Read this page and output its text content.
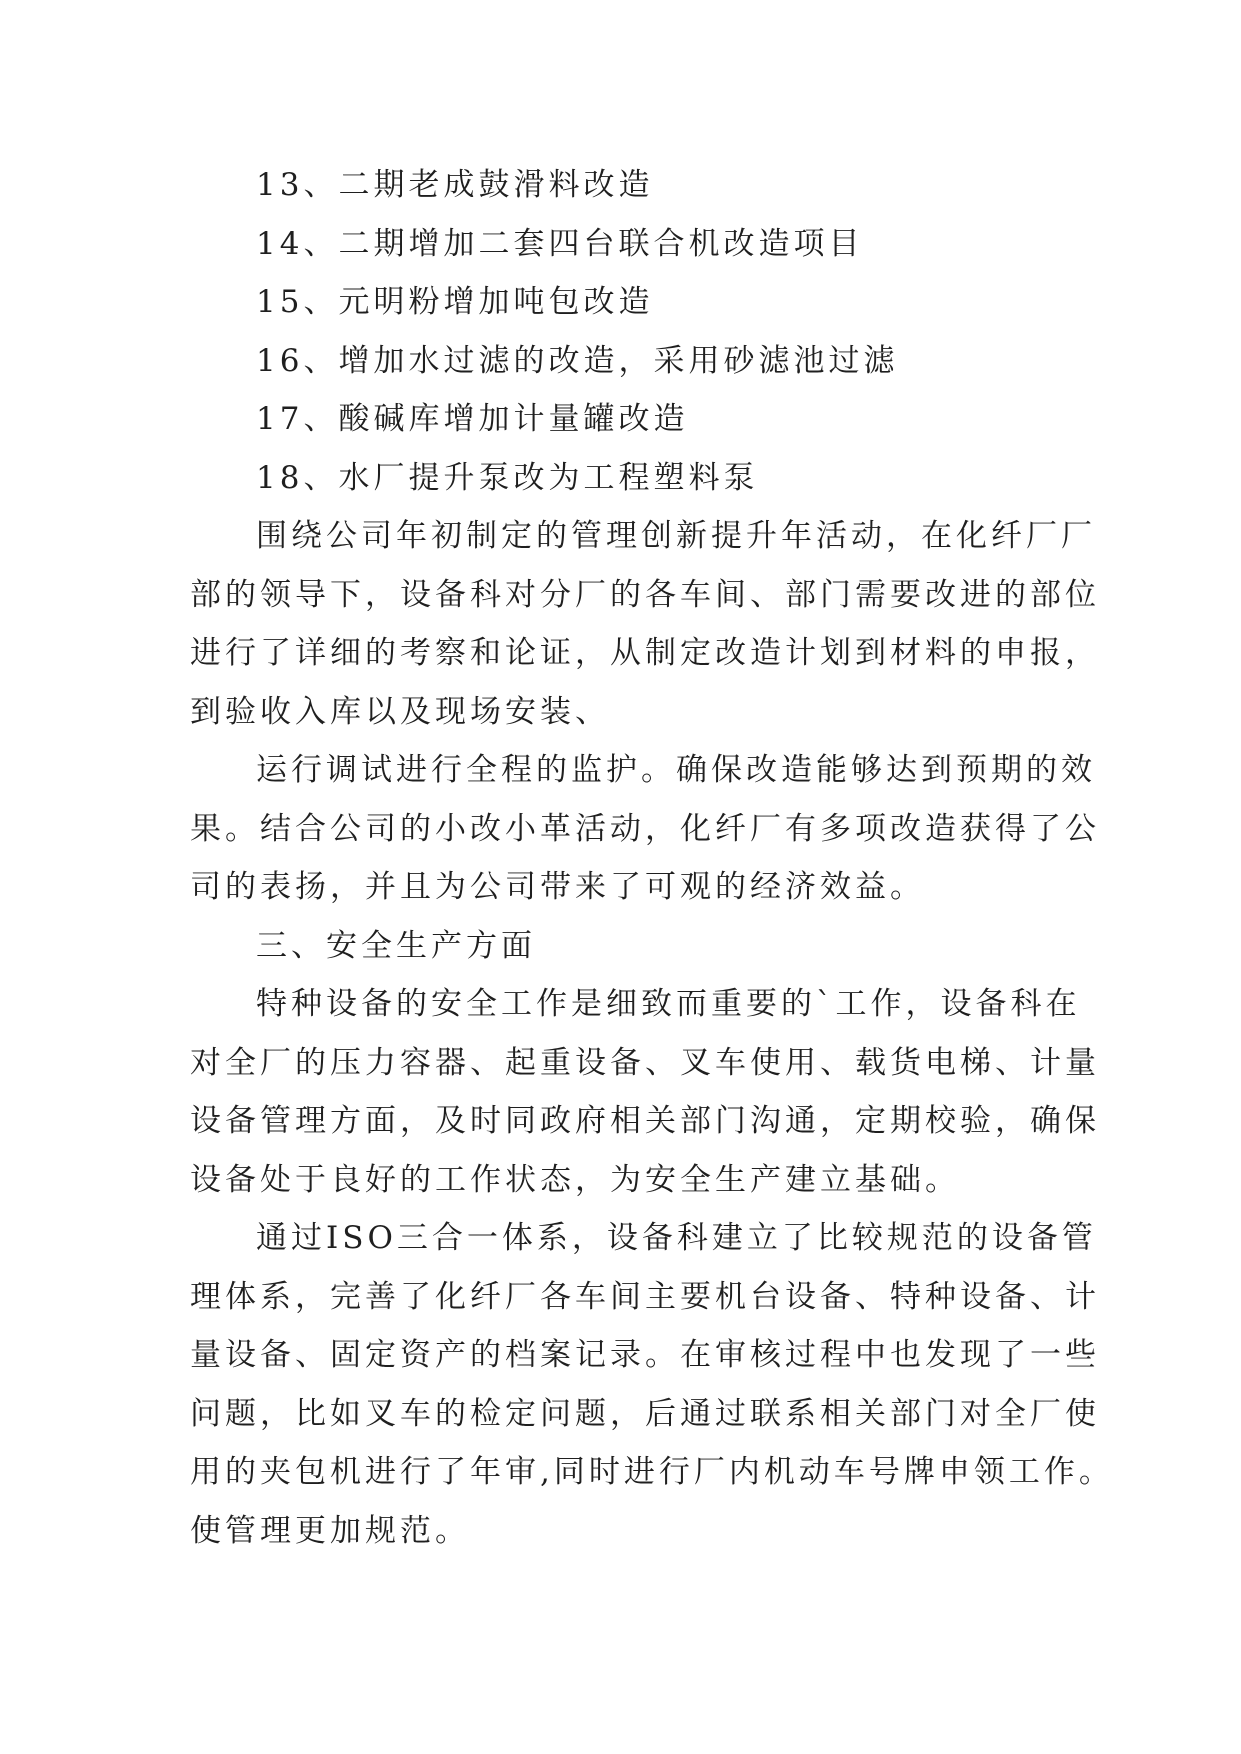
13、二期老成鼓滑料改造
14、二期增加二套四台联合机改造项目
15、元明粉增加吨包改造
16、增加水过滤的改造，采用砂滤池过滤
17、酸碱库增加计量罐改造
18、水厂提升泵改为工程塑料泵
围绕公司年初制定的管理创新提升年活动，在化纤厂厂
部的领导下，设备科对分厂的各车间、部门需要改进的部位
进行了详细的考察和论证，从制定改造计划到材料的申报，
到验收入库以及现场安装、
运行调试进行全程的监护。确保改造能够达到预期的效
果。结合公司的小改小革活动，化纤厂有多项改造获得了公
司的表扬，并且为公司带来了可观的经济效益。
三、安全生产方面
特种设备的安全工作是细致而重要的`工作，设备科在
对全厂的压力容器、起重设备、叉车使用、载货电梯、计量
设备管理方面，及时同政府相关部门沟通，定期校验，确保
设备处于良好的工作状态，为安全生产建立基础。
通过ISO三合一体系，设备科建立了比较规范的设备管
理体系，完善了化纤厂各车间主要机台设备、特种设备、计
量设备、固定资产的档案记录。在审核过程中也发现了一些
问题，比如叉车的检定问题，后通过联系相关部门对全厂使
用的夹包机进行了年审,同时进行厂内机动车号牌申领工作。
使管理更加规范。
